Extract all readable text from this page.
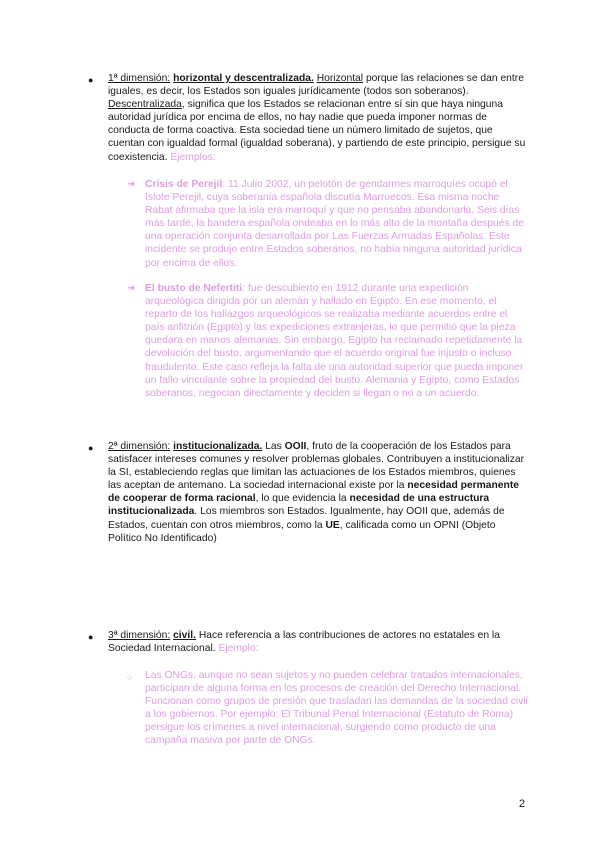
●	1ª dimensión: horizontal y descentralizada. Horizontal porque las relaciones se dan entre iguales, es decir, los Estados son iguales jurídicamente (todos son soberanos). Descentralizada, significa que los Estados se relacionan entre sí sin que haya ninguna autoridad jurídica por encima de ellos, no hay nadie que pueda imponer normas de conducta de forma coactiva. Esta sociedad tiene un número limitado de sujetos, que cuentan con igualdad formal (igualdad soberana), y partiendo de este principio, persigue su coexistencia. Ejemplos:

➔ Crisis de Perejil: 11 Julio 2002, un pelotón de gendarmes marroquíes ocupó el Islote Perejil, cuya soberanía española discutía Marruecos. Esa misma noche Rabat afirmaba que la isla era marroquí y que no pensaba abandonarla. Seis días más tarde, la bandera española ondeaba en lo más alto de la montaña después de una operación conjunta desarrollada por Las Fuerzas Armadas Españolas. Este incidente se produjo entre Estados soberanos, no había ninguna autoridad jurídica por encima de ellos.

➔ El busto de Nefertiti: fue descubierto en 1912 durante una expedición arqueológica dirigida por un alemán y hallado en Egipto. En ese momento, el reparto de los hallazgos arqueológicos se realizaba mediante acuerdos entre el país anfitrión (Egipto) y las expediciones extranjeras, lo que permitió que la pieza quedara en manos alemanas. Sin embargo, Egipto ha reclamado repetidamente la devolución del busto, argumentando que el acuerdo original fue injusto o incluso fraudulento. Este caso refleja la falta de una autoridad superior que pueda imponer un fallo vinculante sobre la propiedad del busto. Alemania y Egipto, como Estados soberanos, negocian directamente y deciden si llegan o no a un acuerdo.

●	2ª dimensión: institucionalizada. Las OOII, fruto de la cooperación de los Estados para satisfacer intereses comunes y resolver problemas globales. Contribuyen a institucionalizar la SI, estableciendo reglas que limitan las actuaciones de los Estados miembros, quienes las aceptan de antemano. La sociedad internacional existe por la necesidad permanente de cooperar de forma racional, lo que evidencia la necesidad de una estructura institucionalizada. Los miembros son Estados. Igualmente, hay OOII que, además de Estados, cuentan con otros miembros, como la UE, calificada como un OPNI (Objeto Político No Identificado)

●	3ª dimensión: civil. Hace referencia a las contribuciones de actores no estatales en la Sociedad Internacional. Ejemplo:

○	Las ONGs, aunque no sean sujetos y no pueden celebrar tratados internacionales, participan de alguna forma en los procesos de creación del Derecho Internacional. Funcionan como grupos de presión que trasladan las demandas de la sociedad civil a los gobiernos. Por ejemplo: El Tribunal Penal Internacional (Estatuto de Roma) persigue los crímenes a nivel internacional, surgiendo como producto de una campaña masiva por parte de ONGs.

2
